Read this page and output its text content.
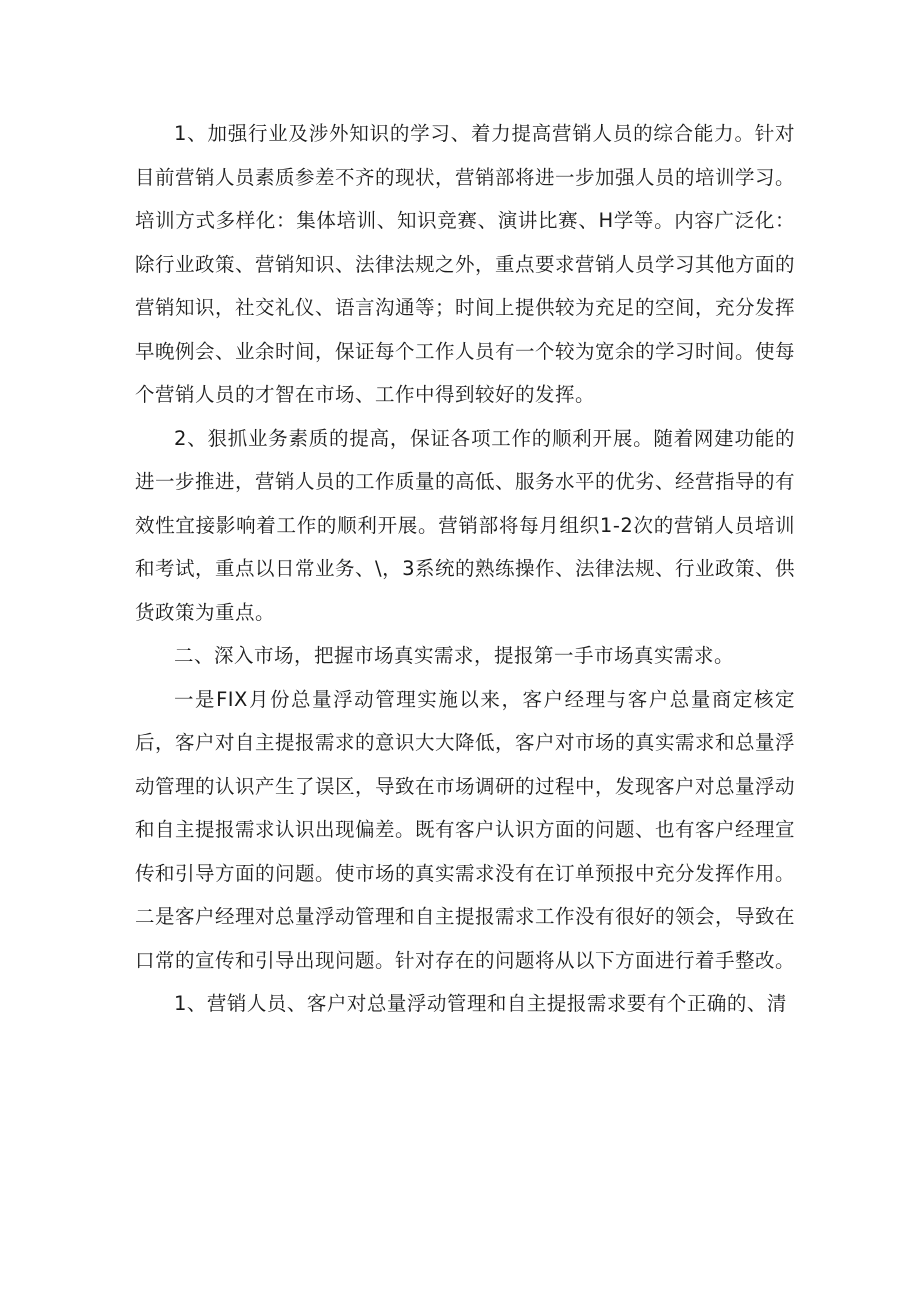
1、加强行业及涉外知识的学习、着力提高营销人员的综合能力。针对目前营销人员素质参差不齐的现状，营销部将进一步加强人员的培训学习。培训方式多样化：集体培训、知识竞赛、演讲比赛、H学等。内容广泛化：除行业政策、营销知识、法律法规之外，重点要求营销人员学习其他方面的营销知识，社交礼仪、语言沟通等；时间上提供较为充足的空间，充分发挥早晚例会、业余时间，保证每个工作人员有一个较为宽余的学习时间。使每个营销人员的才智在市场、工作中得到较好的发挥。

2、狠抓业务素质的提高，保证各项工作的顺利开展。随着网建功能的进一步推进，营销人员的工作质量的高低、服务水平的优劣、经营指导的有效性宜接影响着工作的顺利开展。营销部将每月组织1-2次的营销人员培训和考试，重点以日常业务、\，3系统的熟练操作、法律法规、行业政策、供货政策为重点。

二、深入市场，把握市场真实需求，提报第一手市场真实需求。

一是FIX月份总量浮动管理实施以来，客户经理与客户总量商定核定后，客户对自主提报需求的意识大大降低，客户对市场的真实需求和总量浮动管理的认识产生了误区，导致在市场调研的过程中，发现客户对总量浮动和自主提报需求认识出现偏差。既有客户认识方面的问题、也有客户经理宣传和引导方面的问题。使市场的真实需求没有在订单预报中充分发挥作用。二是客户经理对总量浮动管理和自主提报需求工作没有很好的领会，导致在口常的宣传和引导出现问题。针对存在的问题将从以下方面进行着手整改。

1、营销人员、客户对总量浮动管理和自主提报需求要有个正确的、清
